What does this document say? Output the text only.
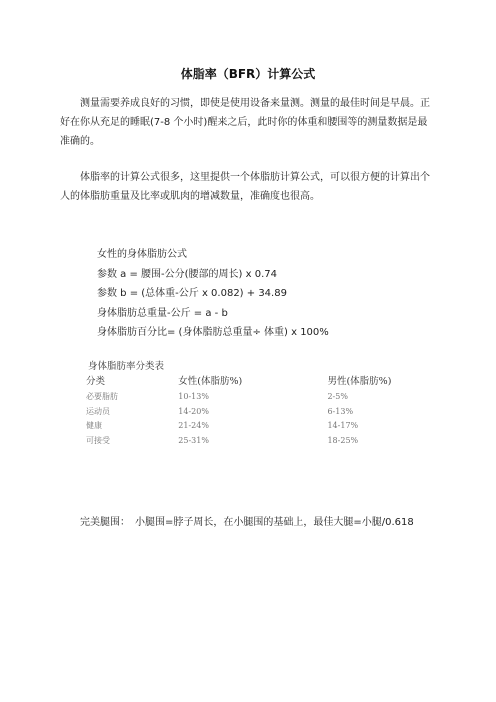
体脂率（BFR）计算公式

测量需要养成良好的习惯，即使是使用设备来量测。测量的最佳时间是早晨。正好在你从充足的睡眠(7-8 个小时)醒来之后，此时你的体重和腰围等的测量数据是最准确的。

体脂率的计算公式很多，这里提供一个体脂肪计算公式，可以很方便的计算出个人的体脂肪重量及比率或肌肉的增减数量，准确度也很高。

女性的身体脂肪公式
参数 a = 腰围-公分(腰部的周长) x 0.74
参数 b = (总体重-公斤 x 0.082) + 34.89
身体脂肪总重量-公斤 = a - b
身体脂肪百分比= (身体脂肪总重量÷ 体重) x 100%
身体脂肪率分类表
分类	女性(体脂肪%)	男性(体脂肪%)
必要脂肪	10-13%	2-5%
运动员	14-20%	6-13%
健康	21-24%	14-17%
可接受	25-31%	18-25%

完美腿围：　小腿围=脖子周长，在小腿围的基础上，最佳大腿=小腿/0.618
